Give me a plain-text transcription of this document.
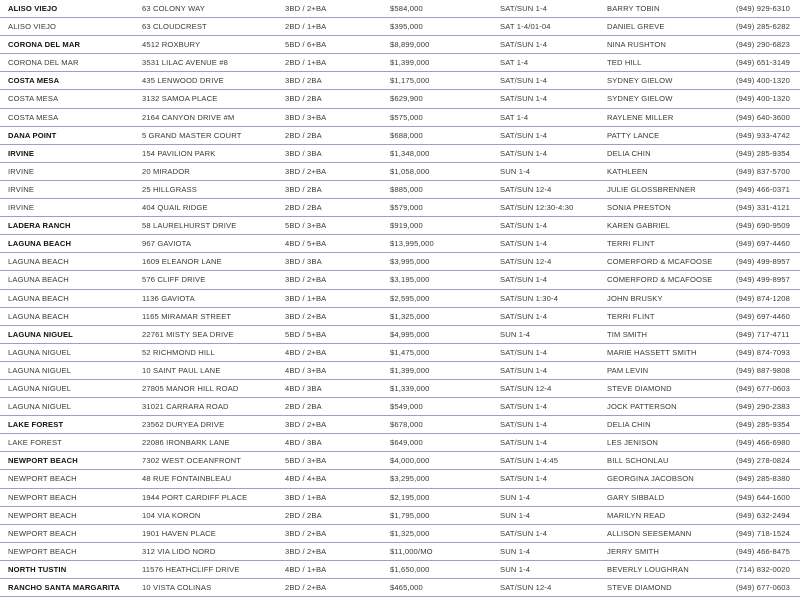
ALISO VIEJO	63 COLONY WAY	3BD / 2+BA	$584,000	SAT/SUN 1-4	BARRY TOBIN	(949) 929-6310
ALISO VIEJO	63 CLOUDCREST	2BD / 1+BA	$395,000	SAT 1-4/01-04	DANIEL GREVE	(949) 285-6282
CORONA DEL MAR	4512 ROXBURY	5BD / 6+BA	$8,899,000	SAT/SUN 1-4	NINA RUSHTON	(949) 290-6823
CORONA DEL MAR	3531 LILAC AVENUE #8	2BD / 1+BA	$1,399,000	SAT 1-4	TED HILL	(949) 651-3149
COSTA MESA	435 LENWOOD DRIVE	3BD / 2BA	$1,175,000	SAT/SUN 1-4	SYDNEY GIELOW	(949) 400-1320
COSTA MESA	3132 SAMOA PLACE	3BD / 2BA	$629,900	SAT/SUN 1-4	SYDNEY GIELOW	(949) 400-1320
COSTA MESA	2164 CANYON DRIVE #M	3BD / 3+BA	$575,000	SAT 1-4	RAYLENE MILLER	(949) 640-3600
DANA POINT	5 GRAND MASTER COURT	2BD / 2BA	$688,000	SAT/SUN 1-4	PATTY LANCE	(949) 933-4742
IRVINE	154 PAVILION PARK	3BD / 3BA	$1,348,000	SAT/SUN 1-4	DELIA CHIN	(949) 285-9354
IRVINE	20 MIRADOR	3BD / 2+BA	$1,058,000	SUN 1-4	KATHLEEN	(949) 837-5700
IRVINE	25 HILLGRASS	3BD / 2BA	$885,000	SAT/SUN 12-4	JULIE GLOSSBRENNER	(949) 466-0371
IRVINE	404 QUAIL RIDGE	2BD / 2BA	$579,000	SAT/SUN 12:30-4:30	SONIA PRESTON	(949) 331-4121
LADERA RANCH	58 LAURELHURST DRIVE	5BD / 3+BA	$919,000	SAT/SUN 1-4	KAREN GABRIEL	(949) 690-9509
LAGUNA BEACH	967 GAVIOTA	4BD / 5+BA	$13,995,000	SAT/SUN 1-4	TERRI FLINT	(949) 697-4460
LAGUNA BEACH	1609 ELEANOR LANE	3BD / 3BA	$3,995,000	SAT/SUN 12-4	COMERFORD & MCAFOOSE	(949) 499-8957
LAGUNA BEACH	576 CLIFF DRIVE	3BD / 2+BA	$3,195,000	SAT/SUN 1-4	COMERFORD & MCAFOOSE	(949) 499-8957
LAGUNA BEACH	1136 GAVIOTA	3BD / 1+BA	$2,595,000	SAT/SUN 1:30-4	JOHN BRUSKY	(949) 874-1208
LAGUNA BEACH	1165 MIRAMAR STREET	3BD / 2+BA	$1,325,000	SAT/SUN 1-4	TERRI FLINT	(949) 697-4460
LAGUNA NIGUEL	22761 MISTY SEA DRIVE	5BD / 5+BA	$4,995,000	SUN 1-4	TIM SMITH	(949) 717-4711
LAGUNA NIGUEL	52 RICHMOND HILL	4BD / 2+BA	$1,475,000	SAT/SUN 1-4	MARIE HASSETT SMITH	(949) 874-7093
LAGUNA NIGUEL	10 SAINT PAUL LANE	4BD / 3+BA	$1,399,000	SAT/SUN 1-4	PAM LEVIN	(949) 887-9808
LAGUNA NIGUEL	27805 MANOR HILL ROAD	4BD / 3BA	$1,339,000	SAT/SUN 12-4	STEVE DIAMOND	(949) 677-0603
LAGUNA NIGUEL	31021 CARRARA ROAD	2BD / 2BA	$549,000	SAT/SUN 1-4	JOCK PATTERSON	(949) 290-2383
LAKE FOREST	23562 DURYEA DRIVE	3BD / 2+BA	$678,000	SAT/SUN 1-4	DELIA CHIN	(949) 285-9354
LAKE FOREST	22086 IRONBARK LANE	4BD / 3BA	$649,000	SAT/SUN 1-4	LES JENISON	(949) 466-6980
NEWPORT BEACH	7302 WEST OCEANFRONT	5BD / 3+BA	$4,000,000	SAT/SUN 1-4:45	BILL SCHONLAU	(949) 278-0824
NEWPORT BEACH	48 RUE FONTAINBLEAU	4BD / 4+BA	$3,295,000	SAT/SUN 1-4	GEORGINA JACOBSON	(949) 285-8380
NEWPORT BEACH	1944 PORT CARDIFF PLACE	3BD / 1+BA	$2,195,000	SUN 1-4	GARY SIBBALD	(949) 644-1600
NEWPORT BEACH	104 VIA KORON	2BD / 2BA	$1,795,000	SUN 1-4	MARILYN READ	(949) 632-2494
NEWPORT BEACH	1901 HAVEN PLACE	3BD / 2+BA	$1,325,000	SAT/SUN 1-4	ALLISON SEESEMANN	(949) 718-1524
NEWPORT BEACH	312 VIA LIDO NORD	3BD / 2+BA	$11,000/MO	SUN 1-4	JERRY SMITH	(949) 466-8475
NORTH TUSTIN	11576 HEATHCLIFF DRIVE	4BD / 1+BA	$1,650,000	SUN 1-4	BEVERLY LOUGHRAN	(714) 832-0020
RANCHO SANTA MARGARITA	10 VISTA COLINAS	2BD / 2+BA	$465,000	SAT/SUN 12-4	STEVE DIAMOND	(949) 677-0603
